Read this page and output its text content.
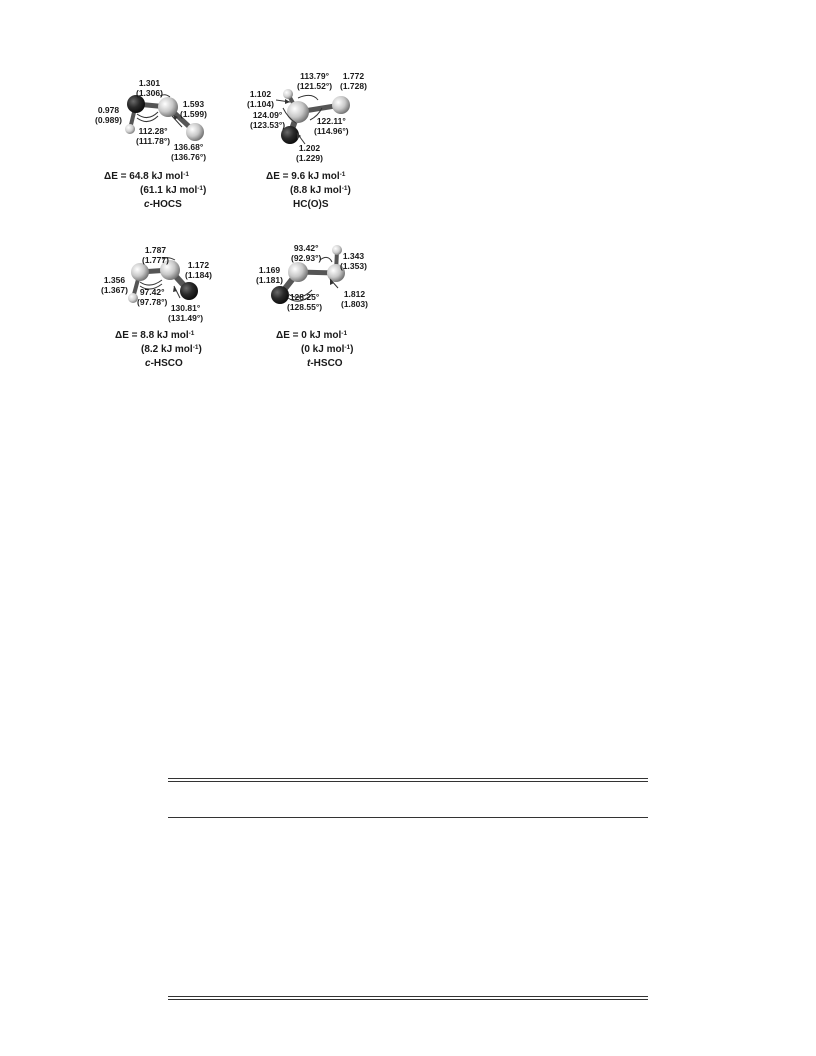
1.301
(1.306)
0.978
(0.989)
1.593
(1.599)
112.28°
(111.78°)
136.68°
(136.76°)
113.79°
(121.52°)
1.772
(1.728)
1.102
(1.104)
124.09°
(123.53°)	122.11°
(114.96°)
1.202
(1.229)
1.787
(1.777)
1.356
(1.367)
1.172
(1.184)
97.42°
(97.78°)
130.81°
(131.49°)
93.42°
(92.93°)	1.343
(1.353)
1.169
(1.181)
1.812
(1.803)
128.25°
(128.55°)
ΔE = 64.8 kJ mol$^{-1}$
(61.1 kJ mol$^{-1}$)
c-HOCS
ΔE = 9.6 kJ mol$^{-1}$
(8.8 kJ mol$^{-1}$)
HC(O)S
ΔE = 8.8 kJ mol$^{-1}$
(8.2 kJ mol$^{-1}$)
c-HSCO
ΔE = 0 kJ mol$^{-1}$
(0 kJ mol$^{-1}$)
t-HSCO
